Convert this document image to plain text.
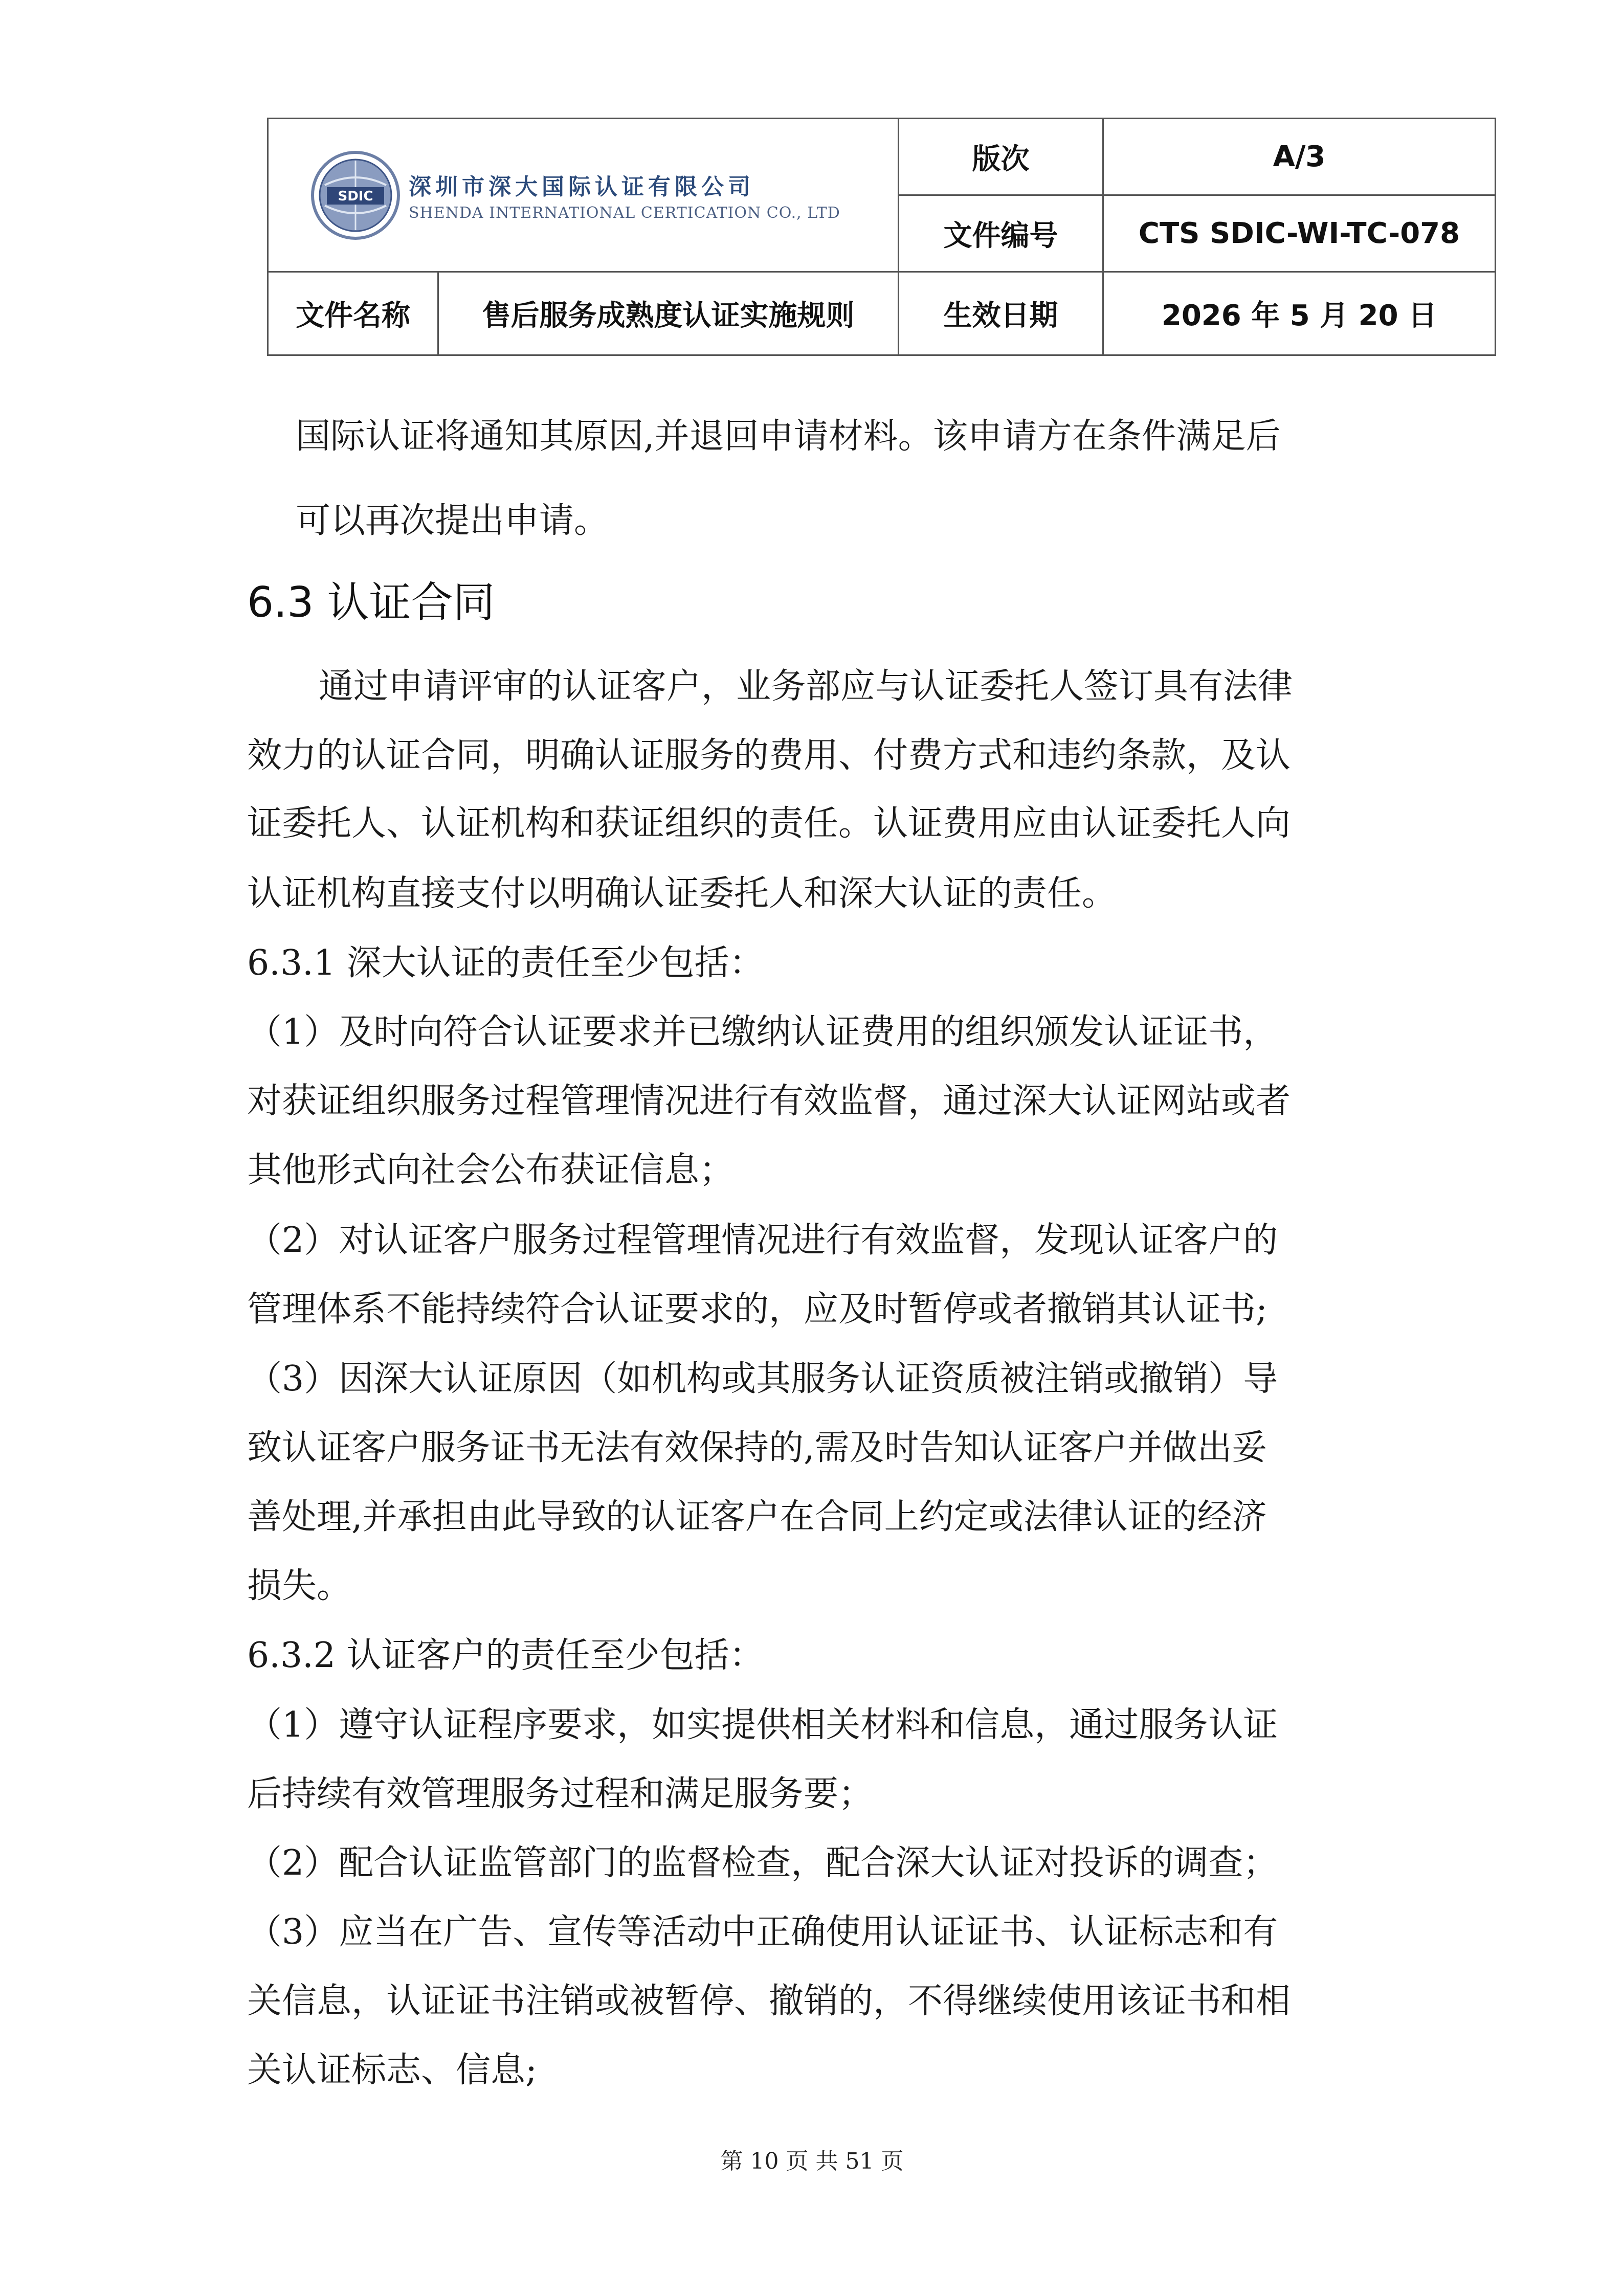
SDIC 深圳市深大国际认证有限公司
SHENDA INTERNATIONAL CERTICATION CO., LTD		版次	A/3
		文件编号	CTS SDIC-WI-TC-078
文件名称	售后服务成熟度认证实施规则	生效日期	2026 年 5 月 20 日
国际认证将通知其原因,并退回申请材料。该申请方在条件满足后
可以再次提出申请。
6.3 认证合同
通过申请评审的认证客户，业务部应与认证委托人签订具有法律
效力的认证合同，明确认证服务的费用、付费方式和违约条款，及认
证委托人、认证机构和获证组织的责任。认证费用应由认证委托人向
认证机构直接支付以明确认证委托人和深大认证的责任。
6.3.1 深大认证的责任至少包括：
（1）及时向符合认证要求并已缴纳认证费用的组织颁发认证证书，
对获证组织服务过程管理情况进行有效监督，通过深大认证网站或者
其他形式向社会公布获证信息；
（2）对认证客户服务过程管理情况进行有效监督，发现认证客户的
管理体系不能持续符合认证要求的，应及时暂停或者撤销其认证书;
（3）因深大认证原因（如机构或其服务认证资质被注销或撤销）导
致认证客户服务证书无法有效保持的,需及时告知认证客户并做出妥
善处理,并承担由此导致的认证客户在合同上约定或法律认证的经济
损失。
6.3.2 认证客户的责任至少包括：
（1）遵守认证程序要求，如实提供相关材料和信息，通过服务认证
后持续有效管理服务过程和满足服务要；
（2）配合认证监管部门的监督检查，配合深大认证对投诉的调查；
（3）应当在广告、宣传等活动中正确使用认证证书、认证标志和有
关信息，认证证书注销或被暂停、撤销的，不得继续使用该证书和相
关认证标志、信息;
第 10 页 共 51 页
